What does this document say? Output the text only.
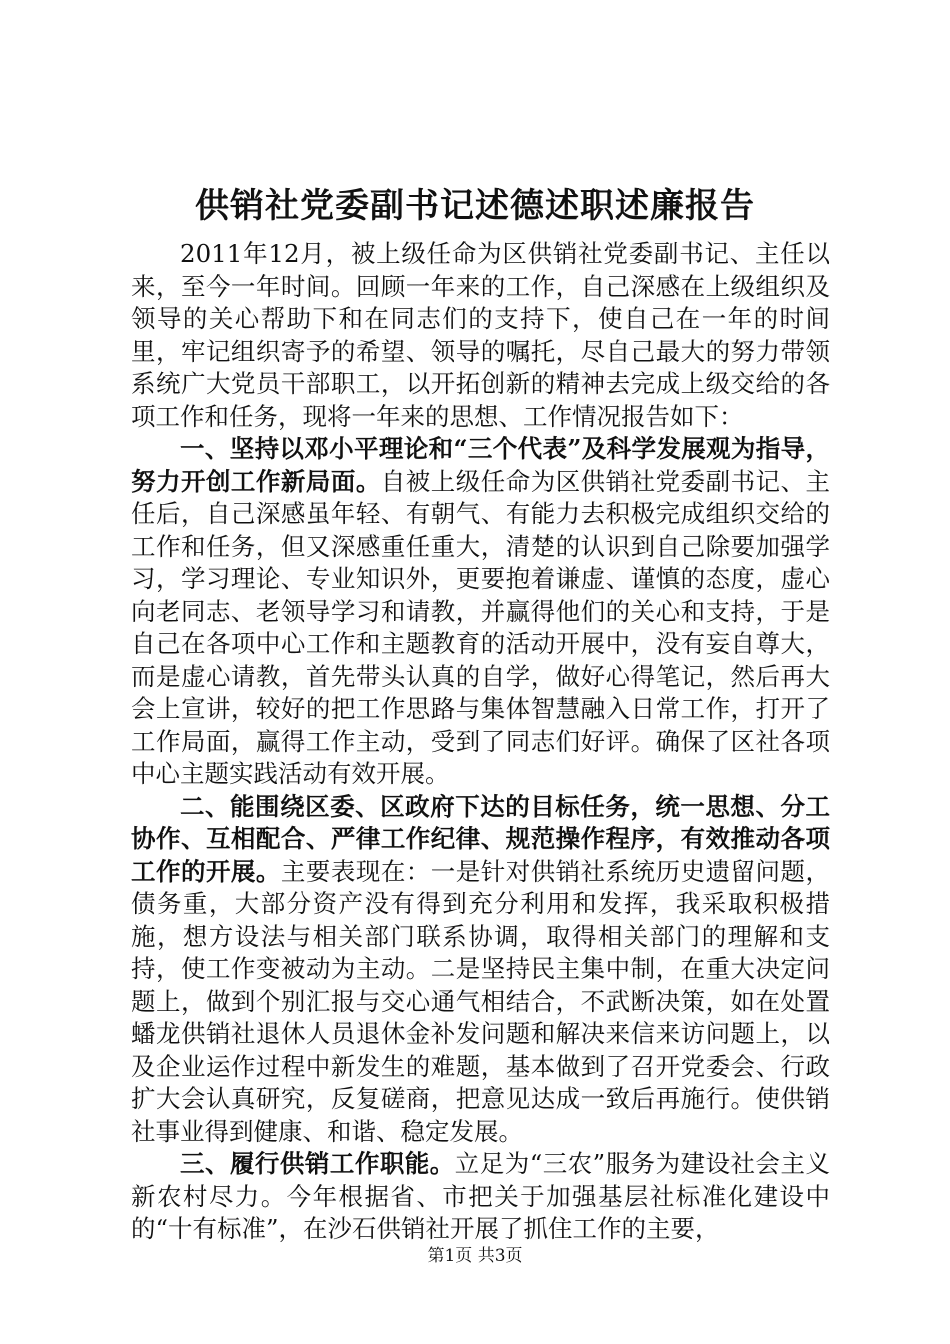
供销社党委副书记述德述职述廉报告

2011年12月，被上级任命为区供销社党委副书记、主任以来，至今一年时间。回顾一年来的工作，自己深感在上级组织及领导的关心帮助下和在同志们的支持下，使自己在一年的时间里，牢记组织寄予的希望、领导的嘱托，尽自己最大的努力带领系统广大党员干部职工，以开拓创新的精神去完成上级交给的各项工作和任务，现将一年来的思想、工作情况报告如下：

一、坚持以邓小平理论和“三个代表”及科学发展观为指导，努力开创工作新局面。自被上级任命为区供销社党委副书记、主任后，自己深感虽年轻、有朝气、有能力去积极完成组织交给的工作和任务，但又深感重任重大，清楚的认识到自己除要加强学习，学习理论、专业知识外，更要抱着谦虚、谨慎的态度，虚心向老同志、老领导学习和请教，并赢得他们的关心和支持，于是自己在各项中心工作和主题教育的活动开展中，没有妄自尊大，而是虚心请教，首先带头认真的自学，做好心得笔记，然后再大会上宣讲，较好的把工作思路与集体智慧融入日常工作，打开了工作局面，赢得工作主动，受到了同志们好评。确保了区社各项中心主题实践活动有效开展。

二、能围绕区委、区政府下达的目标任务，统一思想、分工协作、互相配合、严律工作纪律、规范操作程序，有效推动各项工作的开展。主要表现在：一是针对供销社系统历史遗留问题，债务重，大部分资产没有得到充分利用和发挥，我采取积极措施，想方设法与相关部门联系协调，取得相关部门的理解和支持，使工作变被动为主动。二是坚持民主集中制，在重大决定问题上，做到个别汇报与交心通气相结合，不武断决策，如在处置蟠龙供销社退休人员退休金补发问题和解决来信来访问题上，以及企业运作过程中新发生的难题，基本做到了召开党委会、行政扩大会认真研究，反复磋商，把意见达成一致后再施行。使供销社事业得到健康、和谐、稳定发展。

三、履行供销工作职能。立足为“三农”服务为建设社会主义新农村尽力。今年根据省、市把关于加强基层社标准化建设中的“十有标准”，在沙石供销社开展了抓住工作的主要，

第1页 共3页
